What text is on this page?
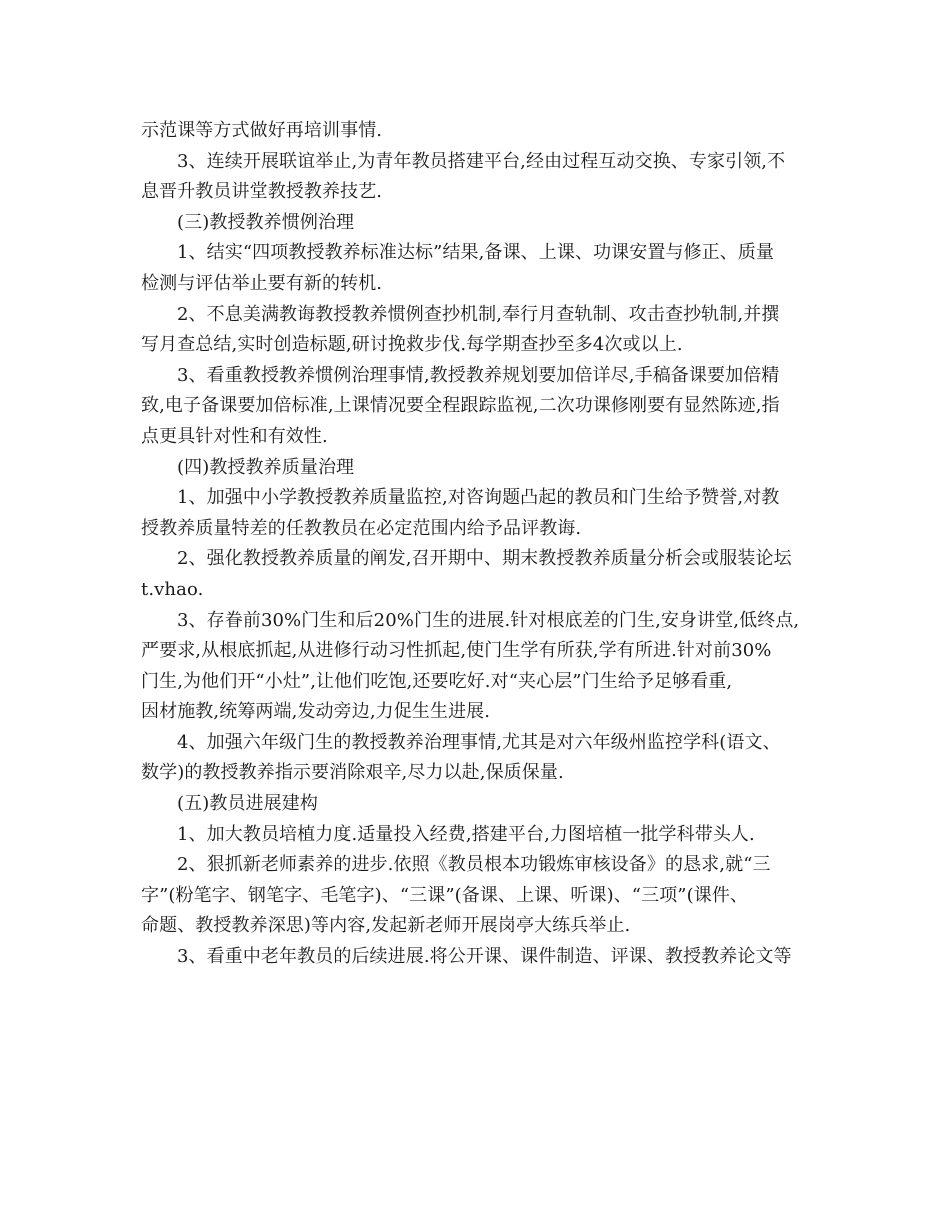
示范课等方式做好再培训事情.
3、连续开展联谊举止,为青年教员搭建平台,经由过程互动交换、专家引领,不
息晋升教员讲堂教授教养技艺.
(三)教授教养惯例治理
1、结实“四项教授教养标准达标”结果,备课、上课、功课安置与修正、质量
检测与评估举止要有新的转机.
2、不息美满教诲教授教养惯例查抄机制,奉行月查轨制、攻击查抄轨制,并撰
写月查总结,实时创造标题,研讨挽救步伐.每学期查抄至多4次或以上.
3、看重教授教养惯例治理事情,教授教养规划要加倍详尽,手稿备课要加倍精
致,电子备课要加倍标准,上课情况要全程跟踪监视,二次功课修刚要有显然陈迹,指
点更具针对性和有效性.
(四)教授教养质量治理
1、加强中小学教授教养质量监控,对咨询题凸起的教员和门生给予赞誉,对教
授教养质量特差的任教教员在必定范围内给予品评教诲.
2、强化教授教养质量的阐发,召开期中、期末教授教养质量分析会或服装论坛
t.vhao.
3、存眷前30%门生和后20%门生的进展.针对根底差的门生,安身讲堂,低终点,
严要求,从根底抓起,从进修行动习性抓起,使门生学有所获,学有所进.针对前30%
门生,为他们开“小灶”,让他们吃饱,还要吃好.对“夹心层”门生给予足够看重,
因材施教,统筹两端,发动旁边,力促生生进展.
4、加强六年级门生的教授教养治理事情,尤其是对六年级州监控学科(语文、
数学)的教授教养指示要消除艰辛,尽力以赴,保质保量.
(五)教员进展建构
1、加大教员培植力度.适量投入经费,搭建平台,力图培植一批学科带头人.
2、狠抓新老师素养的进步.依照《教员根本功锻炼审核设备》的恳求,就“三
字”(粉笔字、钢笔字、毛笔字)、“三课”(备课、上课、听课)、“三项”(课件、
命题、教授教养深思)等内容,发起新老师开展岗亭大练兵举止.
3、看重中老年教员的后续进展.将公开课、课件制造、评课、教授教养论文等
